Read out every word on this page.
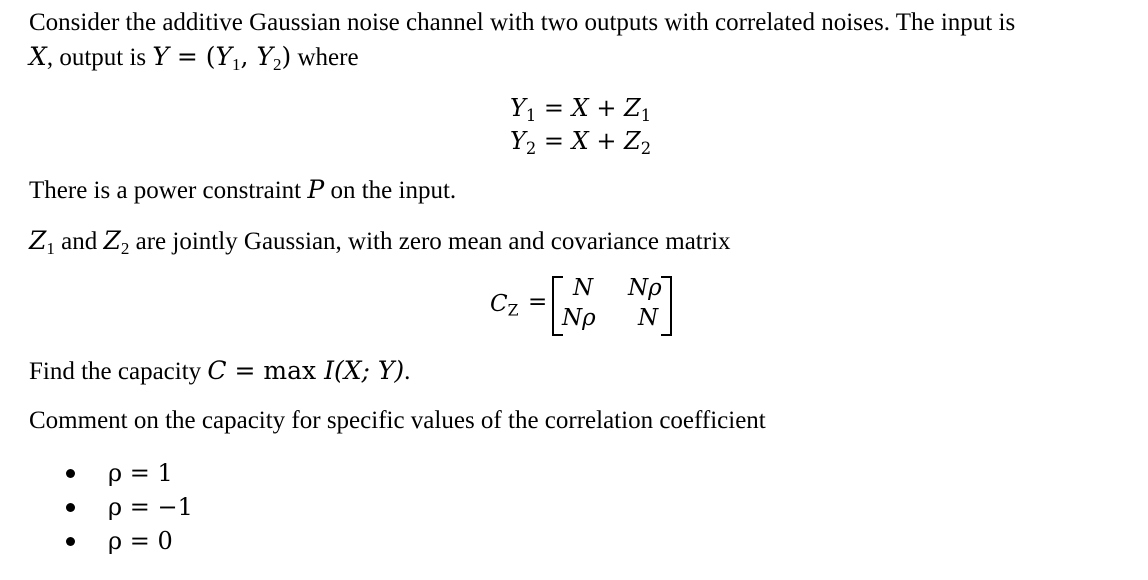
Consider the additive Gaussian noise channel with two outputs with correlated noises. The input is
X, output is $Y = (Y_1$, $Y_2$) where
$Y_1 = X + Z_1$
$Y_2 = X + Z_2$
There is a power constraint P on the input.
$Z_1$ and $Z_2$ are jointly Gaussian, with zero mean and covariance matrix
$C_Z$ =
N Nρ
Nρ N
Find the capacity C = max I(X; Y).
Comment on the capacity for specific values of the correlation coefficient
ρ = 1
ρ = −1
ρ = 0
